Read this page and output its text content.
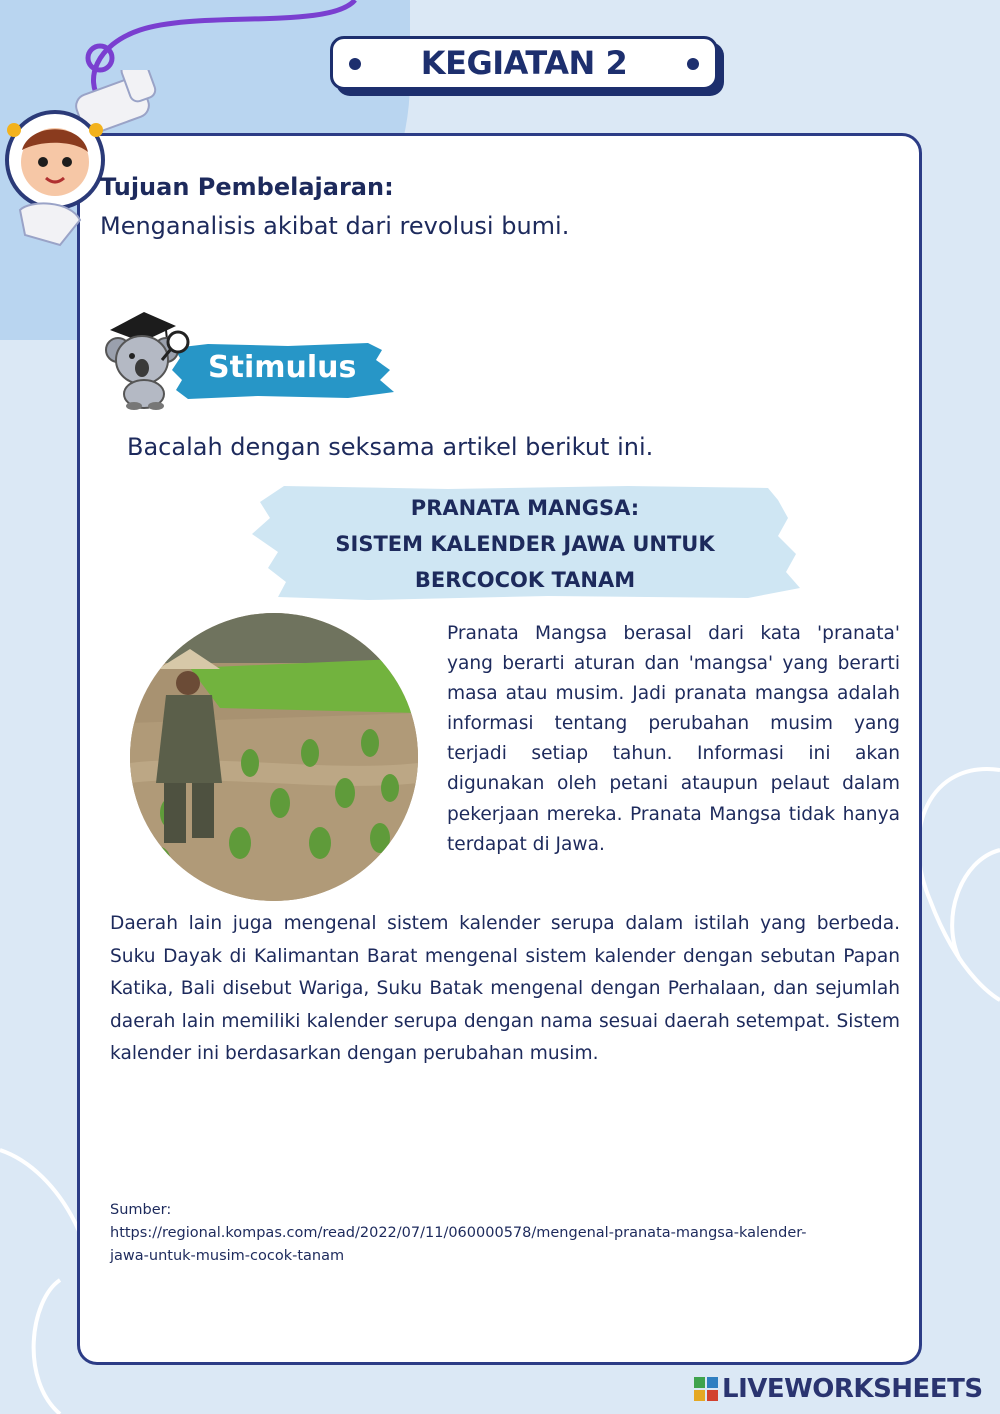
KEGIATAN 2
Tujuan Pembelajaran:
Menganalisis akibat dari revolusi bumi.
Stimulus
Bacalah dengan seksama artikel berikut ini.
PRANATA MANGSA:
SISTEM KALENDER JAWA UNTUK
BERCOCOK TANAM
Pranata Mangsa berasal dari kata 'pranata' yang berarti aturan dan 'mangsa' yang berarti masa atau musim. Jadi pranata mangsa adalah informasi tentang perubahan musim yang terjadi setiap tahun. Informasi ini akan digunakan oleh petani ataupun pelaut dalam pekerjaan mereka. Pranata Mangsa tidak hanya terdapat di Jawa.
Daerah lain juga mengenal sistem kalender serupa dalam istilah yang berbeda. Suku Dayak di Kalimantan Barat mengenal sistem kalender dengan sebutan Papan Katika, Bali disebut Wariga, Suku Batak mengenal dengan Perhalaan, dan sejumlah daerah lain memiliki kalender serupa dengan nama sesuai daerah setempat. Sistem kalender ini berdasarkan dengan perubahan musim.
Sumber:
https://regional.kompas.com/read/2022/07/11/060000578/mengenal-pranata-mangsa-kalender-
jawa-untuk-musim-cocok-tanam
LIVEWORKSHEETS
